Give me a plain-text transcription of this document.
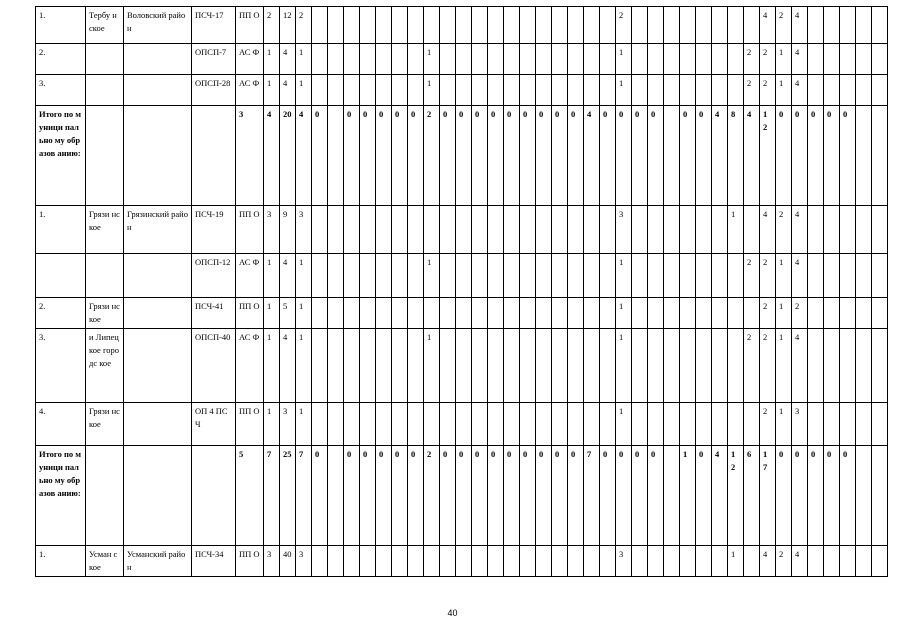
1.	Тербу нское	Воловский район	ПСЧ-17	ПП О	2	12	2																				2									4	2	4					
2.			ОПСП-7	АС Ф	1	4	1								1												1								2	2	1	4					
3.			ОПСП-28	АС Ф	1	4	1								1												1								2	2	1	4					
Итого по муници пально му образов анию:				3	4	20	4	0		0	0	0	0	0	2	0	0	0	0	0	0	0	0	0	4	0	0	0	0		0	0	4	8	4	1 2	0	0	0	0	0		
1.	Грязи нское	Грязинский район	ПСЧ-19	ПП О	3	9	3																				3							1		4	2	4					
			ОПСП-12	АС Ф	1	4	1								1												1								2	2	1	4					
2.	Грязи нское		ПСЧ-41	ПП О	1	5	1																				1									2	1	2					
3.	и Липец кое городс кое		ОПСП-40	АС Ф	1	4	1								1												1								2	2	1	4					
4.	Грязи нское		ОП 4 ПСЧ	ПП О	1	3	1																				1									2	1	3					
Итого по муници пально му образов анию:				5	7	25	7	0		0	0	0	0	0	2	0	0	0	0	0	0	0	0	0	7	0	0	0	0		1	0	4	1 2	6	1 7	0	0	0	0	0		
1.	Усман ское	Усманский район	ПСЧ-34	ПП О	3	40	3																				3							1		4	2	4					
40
